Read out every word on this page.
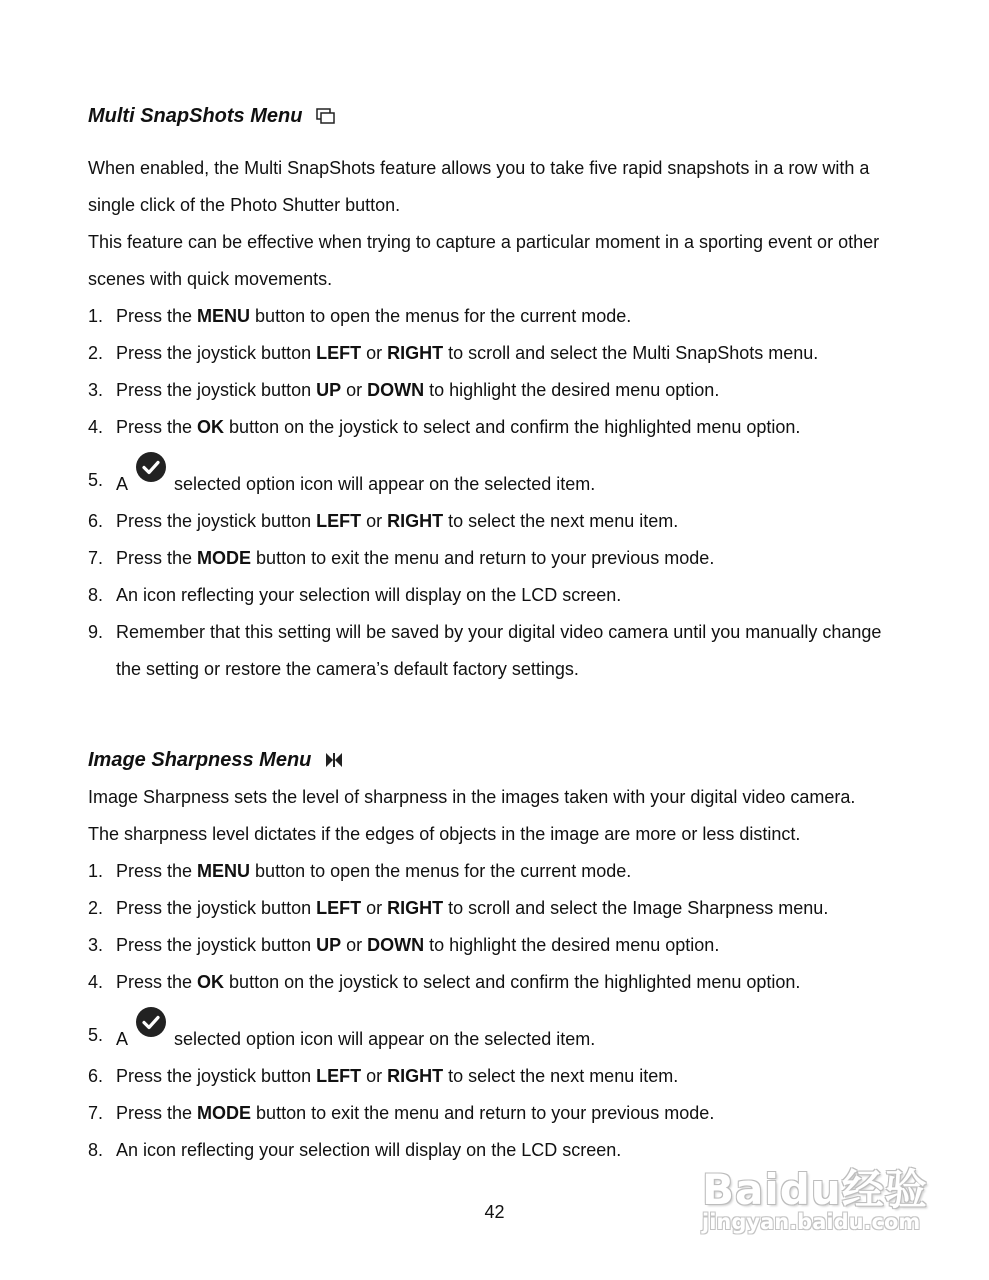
Multi SnapShots Menu
When enabled, the Multi SnapShots feature allows you to take five rapid snapshots in a row with a
single click of the Photo Shutter button.
This feature can be effective when trying to capture a particular moment in a sporting event or other
scenes with quick movements.
1. Press the MENU button to open the menus for the current mode.
2. Press the joystick button LEFT or RIGHT to scroll and select the Multi SnapShots menu.
3. Press the joystick button UP or DOWN to highlight the desired menu option.
4. Press the OK button on the joystick to select and confirm the highlighted menu option.
5. A	selected option icon will appear on the selected item.
6. Press the joystick button LEFT or RIGHT to select the next menu item.
7. Press the MODE button to exit the menu and return to your previous mode.
8. An icon reflecting your selection will display on the LCD screen.
9. Remember that this setting will be saved by your digital video camera until you manually change
the setting or restore the camera’s default factory settings.
Image Sharpness Menu
Image Sharpness sets the level of sharpness in the images taken with your digital video camera.
The sharpness level dictates if the edges of objects in the image are more or less distinct.
1. Press the MENU button to open the menus for the current mode.
2. Press the joystick button LEFT or RIGHT to scroll and select the Image Sharpness menu.
3. Press the joystick button UP or DOWN to highlight the desired menu option.
4. Press the OK button on the joystick to select and confirm the highlighted menu option.
5. A	selected option icon will appear on the selected item.
6. Press the joystick button LEFT or RIGHT to select the next menu item.
7. Press the MODE button to exit the menu and return to your previous mode.
8. An icon reflecting your selection will display on the LCD screen.
42	Baidu经验
jingyan.baidu.com
